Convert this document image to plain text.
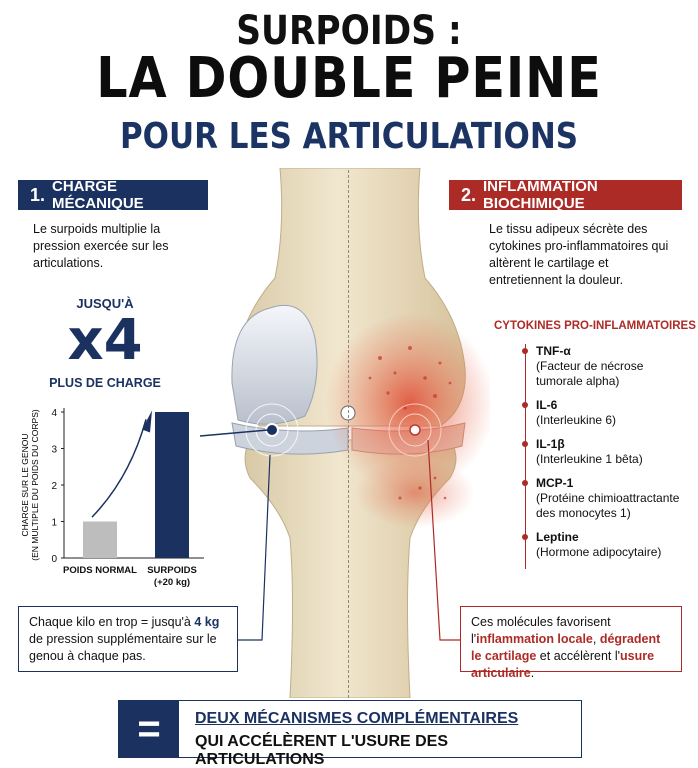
SURPOIDS :
LA DOUBLE PEINE
POUR LES ARTICULATIONS
1. CHARGE MÉCANIQUE
Le surpoids multiplie la pression exercée sur les articulations.
JUSQU'À
x4
PLUS DE CHARGE
0
1
2
3
4
POIDS NORMAL SURPOIDS
(+20 kg)
CHARGE SUR LE GENOU (EN MULTIPLE DU POIDS DU CORPS)
Chaque kilo en trop = jusqu'à 4 kg de pression supplémentaire sur le genou à chaque pas.
2. INFLAMMATION BIOCHIMIQUE
Le tissu adipeux sécrète des cytokines pro-inflammatoires qui altèrent le cartilage et entretiennent la douleur.
CYTOKINES PRO-INFLAMMATOIRES
TNF-α
(Facteur de nécrose tumorale alpha)
IL-6
(Interleukine 6)
IL-1β
(Interleukine 1 bêta)
MCP-1
(Protéine chimioattractante des monocytes 1)
Leptine
(Hormone adipocytaire)
Ces molécules favorisent l'inflammation locale, dégradent le cartilage et accélèrent l'usure articulaire.
=	DEUX MÉCANISMES COMPLÉMENTAIRES
QUI ACCÉLÈRENT L'USURE DES ARTICULATIONS
